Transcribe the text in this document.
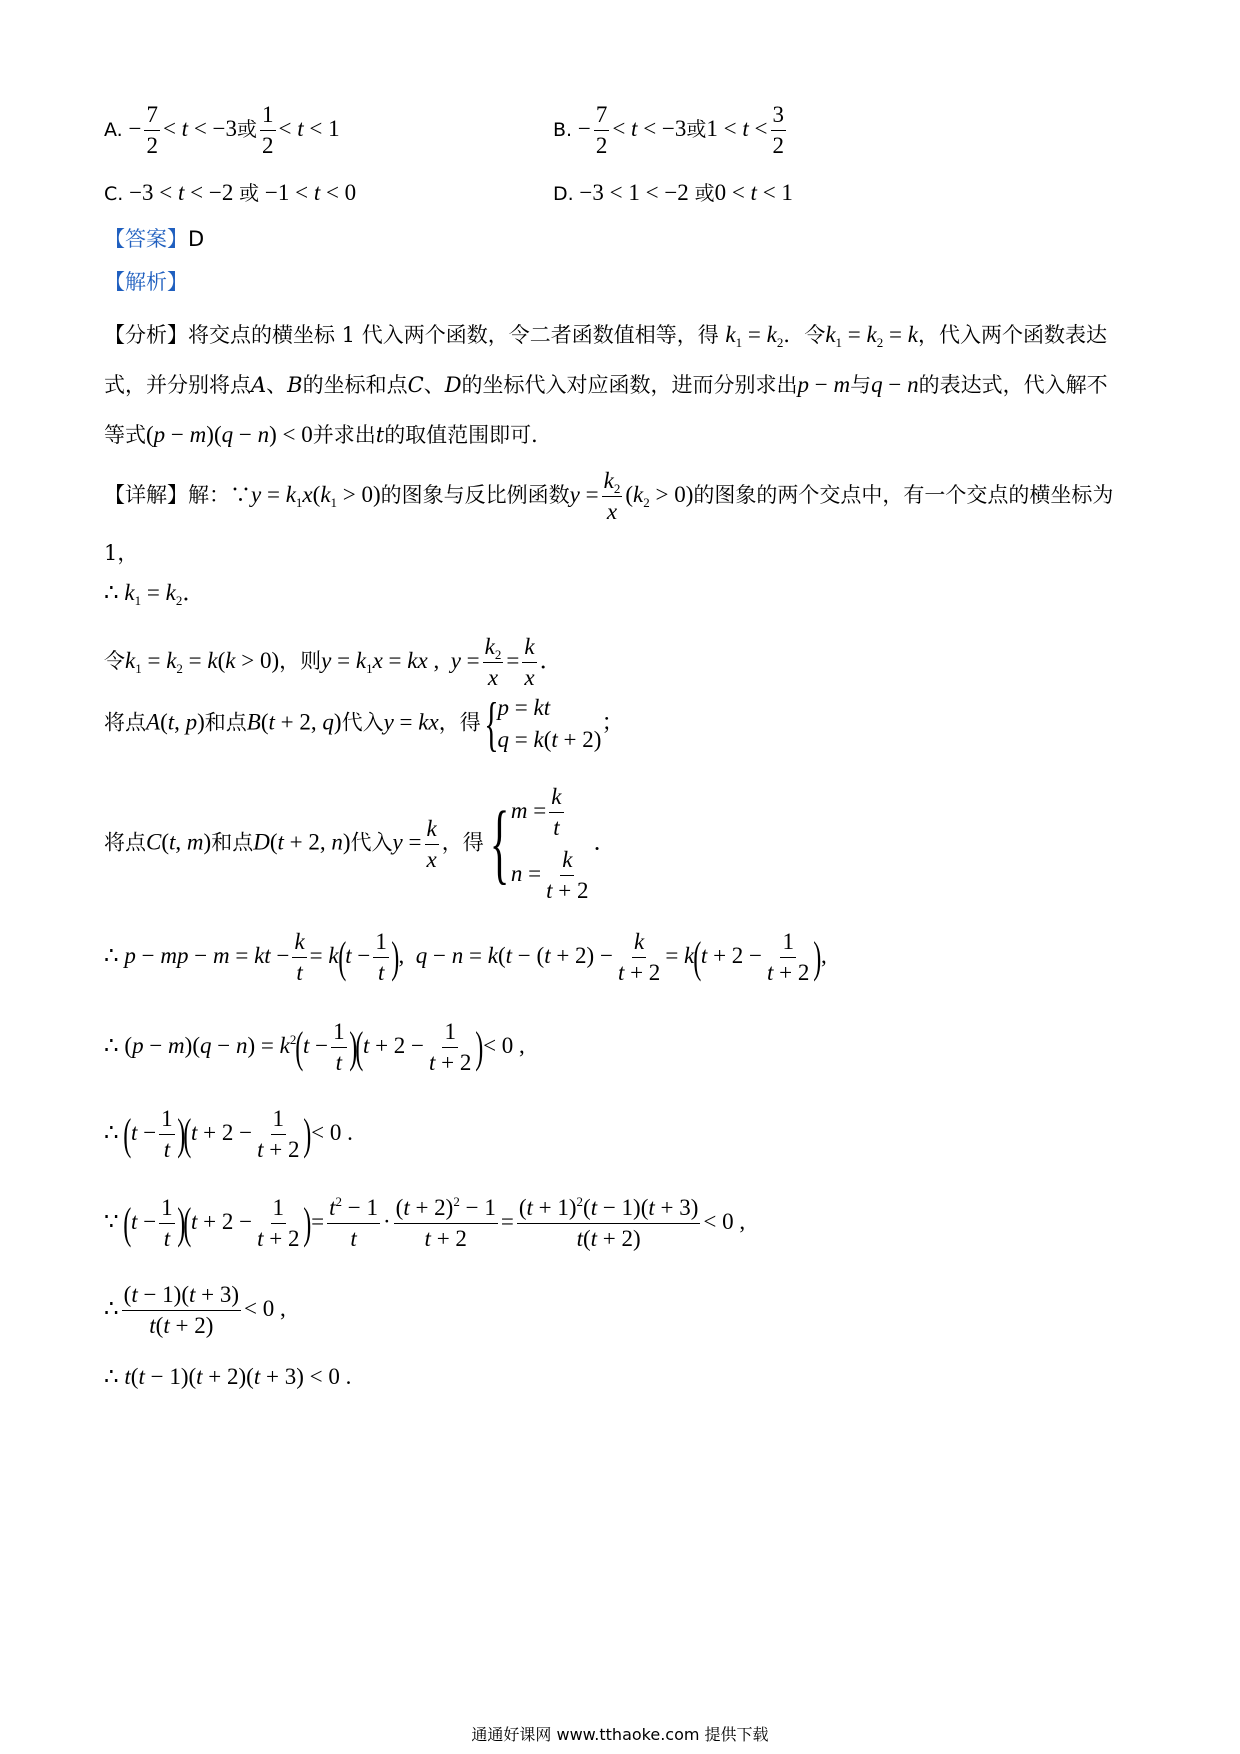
A. − $\frac{7}{2} < t < -3$或 $\frac{1}{2} < t < 1$	B. − $\frac{7}{2} < t < -3$或$1 < t < \frac{3}{2}$
C. −3 < t < −2 或 −1 < t < 0	D. −3 < 1 < −2 或0 < t < 1
【答案】D
【解析】
【分析】将交点的横坐标 1 代入两个函数，令二者函数值相等，得 $k_1 = k_2$．令$k_1 = k_2 = k$，代入两个函数表达式，并分别将点A、B的坐标和点C、D的坐标代入对应函数，进而分别求出p − m与q − n的表达式，代入解不等式(p − m)(q − n) < 0并求出t的取值范围即可．
【详解】解：∵y = $k_1x(k_1 > 0)$的图象与反比例函数$y = \frac{k_2}{x} (k_2 > 0)$的图象的两个交点中，有一个交点的横坐标为 1，
∴ $k_1 = k_2$．
令$k_1 = k_2 = k(k > 0)$，则$y = k_1x$ = kx ,  $y = \frac{k_2}{x} = \frac{k}{x}$ ．
将点A(t, p)和点B(t + 2, q)代入y = kx，得 { p = kt
q = k(t + 2)
；
将点C(t, m)和点D(t + 2, n)代入$y = \frac{k}{x}$ ，得 { $m = \frac{k}{t}$
$n = \frac{k}{t + 2}$
．
∴ p − mp − m = kt − $\frac{k}{t} = k(t - \frac{1}{t}$ ),  $q - n = k(t - (t + 2) - \frac{k}{t + 2} = k(t + 2 - \frac{1}{t + 2}$ ),
∴ $(p - m)(q - n) = k^2(t - \frac{1}{t} )(t + 2 - \frac{1}{t + 2}$ )< 0 ,
∴ $(t - \frac{1}{t} )(t + 2 - \frac{1}{t + 2}$ )< 0 .
∵ $(t - \frac{1}{t} )(t + 2 - \frac{1}{t + 2}$ )= $\frac{t^2 - 1}{t} \cdot \frac{(t + 2)^2 - 1}{t + 2} = \frac{(t + 1)^2(t - 1)(t + 3)}{t(t + 2)} < 0$ ,
∴ $\frac{(t - 1)(t + 3)}{t(t + 2)} < 0$ ,
∴ t(t − 1)(t + 2)(t + 3) < 0 .
通通好课网 www.tthaoke.com 提供下载
